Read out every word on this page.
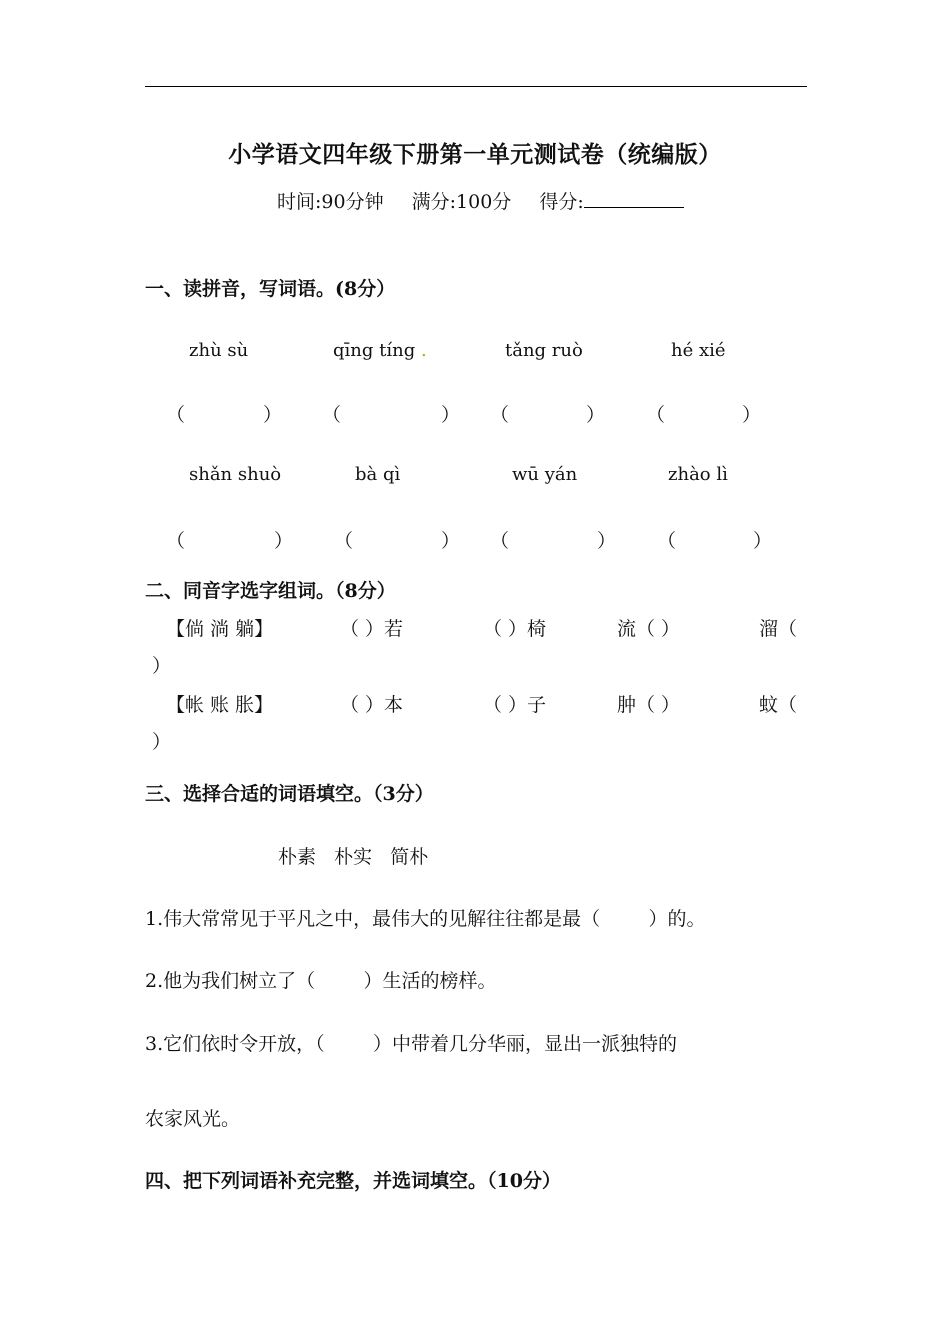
小学语文四年级下册第一单元测试卷（统编版）
时间:90分钟 满分:100分 得分:
一、读拼音，写词语。(8分）
zhù sù	qīng tíng .	tǎng ruò	hé xié
（	） （	） （	） （	）
shǎn shuò	bà qì	wū yán	zhào lì
（	） （	） （	） （	）
二、同音字选字组词。（8分）
【倘 淌 躺】	（ ）若	（ ）椅	流（ ）	溜（
）
【帐 账 胀】	（ ）本	（ ）子	肿（ ）	蚊（
）
三、选择合适的词语填空。（3分）
朴素   朴实   简朴
1.伟大常常见于平凡之中，最伟大的见解往往都是最（        ）的。
2.他为我们树立了（        ）生活的榜样。
3.它们依时令开放，（        ）中带着几分华丽，显出一派独特的
农家风光。
四、把下列词语补充完整，并选词填空。（10分）
